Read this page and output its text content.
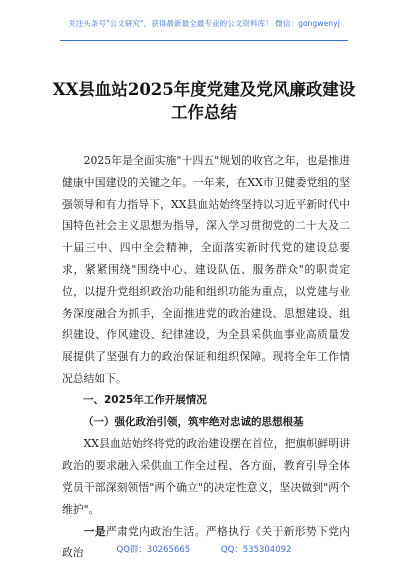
关注头条号"公文研究"，获得最新最全最专业的公文资料库！ 微信：gongwenyj
XX县血站2025年度党建及党风廉政建设
工作总结

2025年是全面实施"十四五"规划的收官之年，也是推进健康中国建设的关键之年。一年来，在XX市卫健委党组的坚强领导和有力指导下，XX县血站始终坚持以习近平新时代中国特色社会主义思想为指导，深入学习贯彻党的二十大及二十届三中、四中全会精神，全面落实新时代党的建设总要求，紧紧围绕"围绕中心、建设队伍、服务群众"的职责定位，以提升党组织政治功能和组织功能为重点，以党建与业务深度融合为抓手，全面推进党的政治建设、思想建设、组织建设、作风建设、纪律建设，为全县采供血事业高质量发展提供了坚强有力的政治保证和组织保障。现将全年工作情况总结如下。

一、2025年工作开展情况

（一）强化政治引领，筑牢绝对忠诚的思想根基

XX县血站始终将党的政治建设摆在首位，把旗帜鲜明讲政治的要求融入采供血工作全过程、各方面，教育引导全体党员干部深刻领悟"两个确立"的决定性意义，坚决做到"两个维护"。

一是严肃党内政治生活。严格执行《关于新形势下党内政治	QQ群：30265665	QQ：535304092
